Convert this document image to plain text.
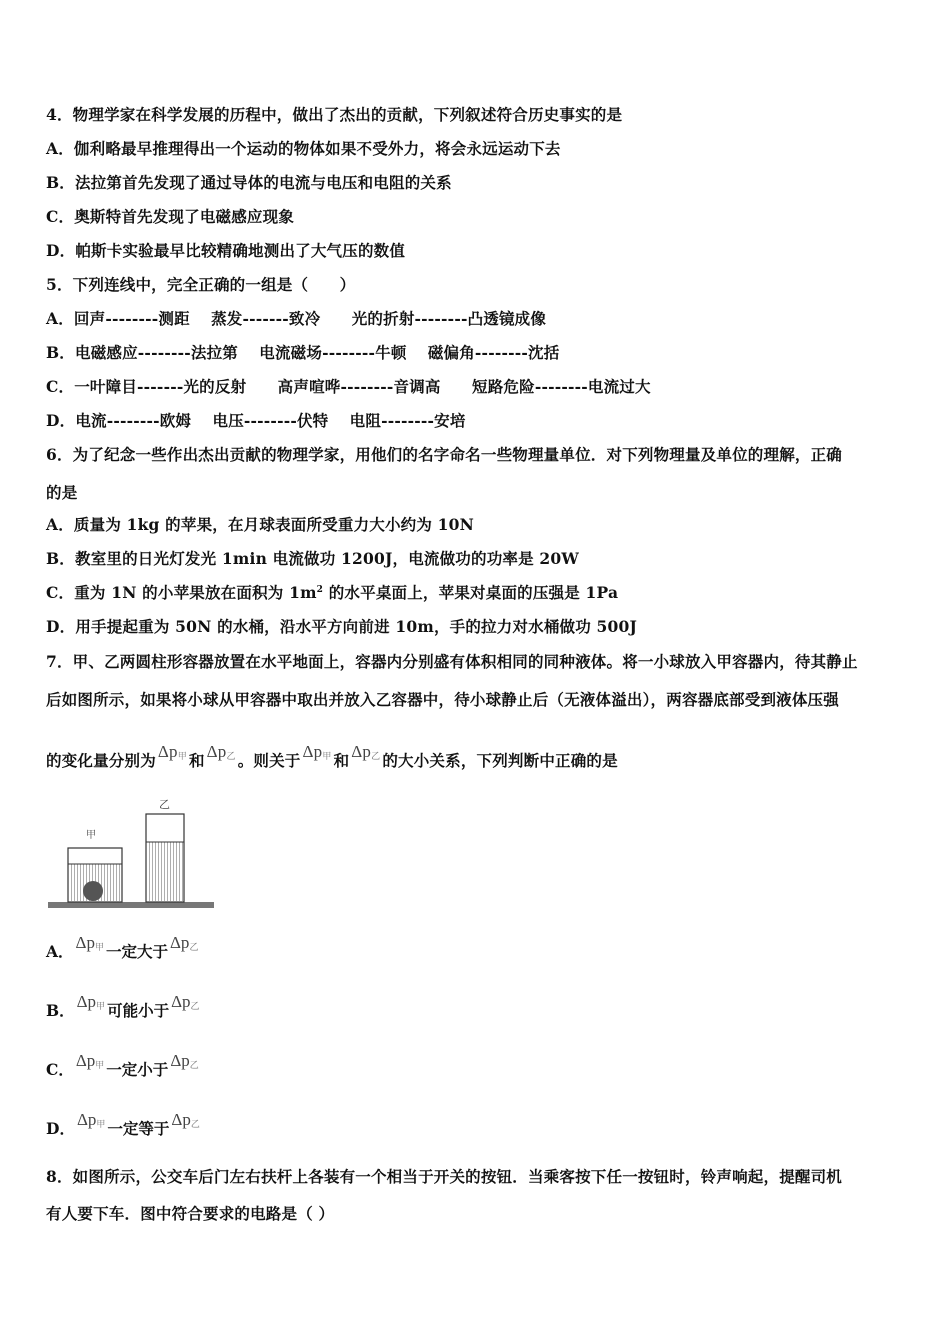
4．物理学家在科学发展的历程中，做出了杰出的贡献，下列叙述符合历史事实的是
A．伽利略最早推理得出一个运动的物体如果不受外力，将会永远运动下去
B．法拉第首先发现了通过导体的电流与电压和电阻的关系
C．奥斯特首先发现了电磁感应现象
D．帕斯卡实验最早比较精确地测出了大气压的数值
5．下列连线中，完全正确的一组是（　　）
A．回声--------测距　 蒸发-------致冷　　光的折射--------凸透镜成像
B．电磁感应--------法拉第　 电流磁场--------牛顿　 磁偏角--------沈括
C．一叶障目-------光的反射　　高声喧哗--------音调高　　短路危险--------电流过大
D．电流--------欧姆　 电压--------伏特　 电阻--------安培
6．为了纪念一些作出杰出贡献的物理学家，用他们的名字命名一些物理量单位．对下列物理量及单位的理解，正确
的是
A．质量为 1kg 的苹果，在月球表面所受重力大小约为 10N
B．教室里的日光灯发光 1min 电流做功 1200J，电流做功的功率是 20W
C．重为 1N 的小苹果放在面积为 $1m^2$ 的水平桌面上，苹果对桌面的压强是 1Pa
D．用手提起重为 50N 的水桶，沿水平方向前进 10m，手的拉力对水桶做功 500J
7．甲、乙两圆柱形容器放置在水平地面上，容器内分别盛有体积相同的同种液体。将一小球放入甲容器内，待其静止
后如图所示，如果将小球从甲容器中取出并放入乙容器中，待小球静止后（无液体溢出），两容器底部受到液体压强
的变化量分别为 $\Delta p_甲$ 和 $\Delta p_乙$ 。则关于 $\Delta p_甲$ 和 $\Delta p_乙$ 的大小关系，下列判断中正确的是
甲
乙
A． $\Delta p_甲$ 一定大于 $\Delta p_乙$
B． $\Delta p_甲$ 可能小于 $\Delta p_乙$
C． $\Delta p_甲$ 一定小于 $\Delta p_乙$
D． $\Delta p_甲$ 一定等于 $\Delta p_乙$
8．如图所示，公交车后门左右扶杆上各装有一个相当于开关的按钮．当乘客按下任一按钮时，铃声响起，提醒司机
有人要下车．图中符合要求的电路是（ ）
